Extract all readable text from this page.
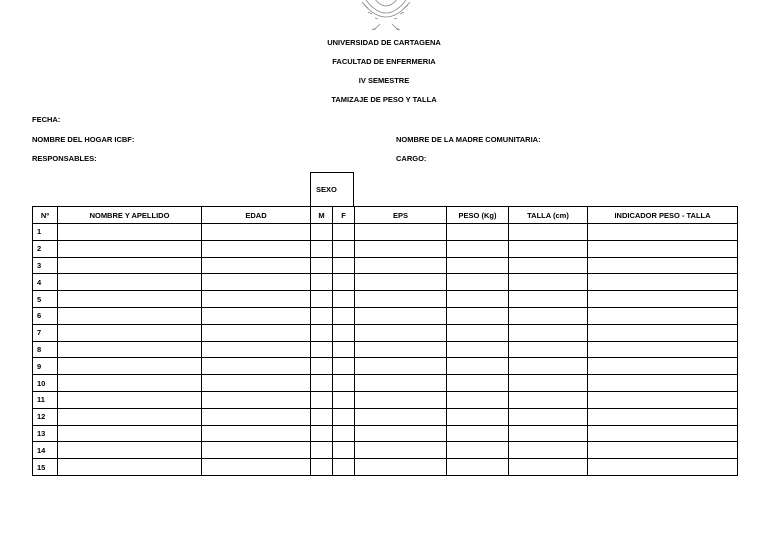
UNIVERSIDAD DE CARTAGENA
FACULTAD DE ENFERMERIA
IV SEMESTRE
TAMIZAJE DE PESO Y TALLA
FECHA:
NOMBRE DEL HOGAR ICBF:	NOMBRE DE LA MADRE COMUNITARIA:
RESPONSABLES:	CARGO:
SEXO
Nº	NOMBRE Y APELLIDO	EDAD	M	F	EPS	PESO (Kg)	TALLA (cm)	INDICADOR PESO - TALLA
1								
2								
3								
4								
5								
6								
7								
8								
9								
10								
11								
12								
13								
14								
15								
